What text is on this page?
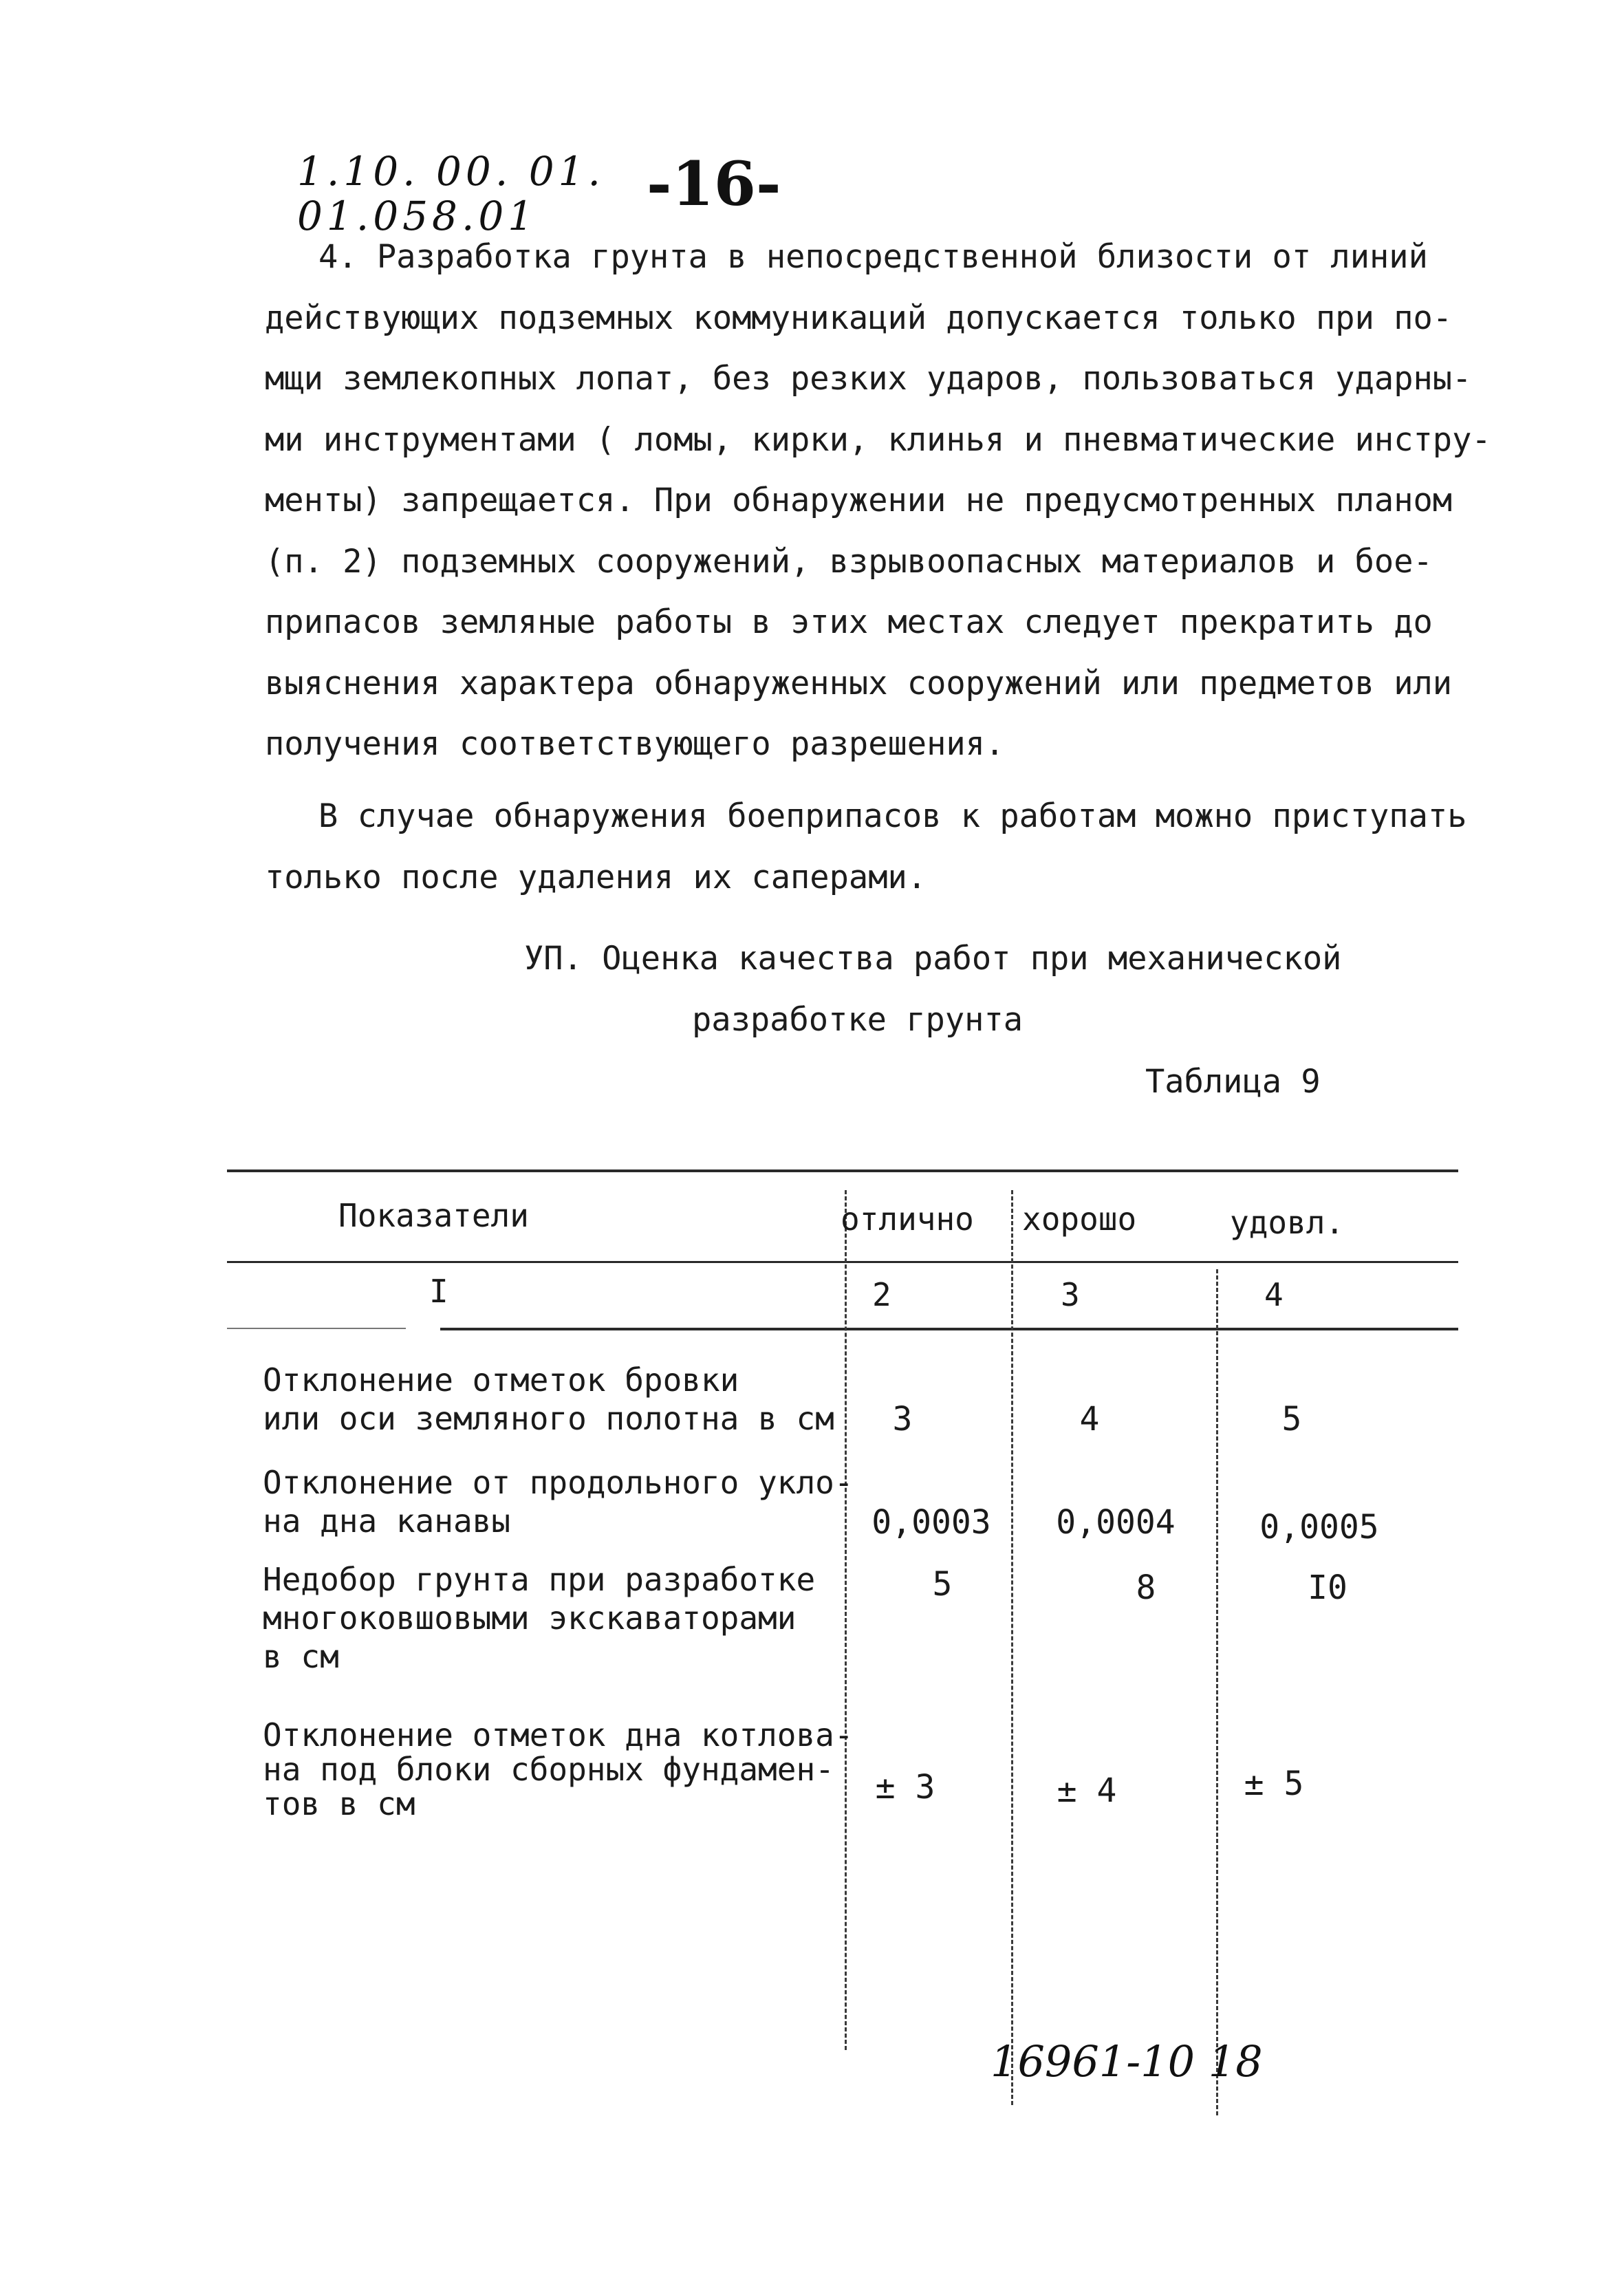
1.10. 00. 01.
01.058.01 -16-
4. Разработка грунта в непосредственной близости от линий
действующих подземных коммуникаций допускается только при по-
мщи землекопных лопат, без резких ударов, пользоваться ударны-
ми инструментами ( ломы, кирки, клинья и пневматические инстру-
менты) запрещается. При обнаружении не предусмотренных планом
(п. 2) подземных сооружений, взрывоопасных материалов и бое-
припасов земляные работы в этих местах следует прекратить до
выяснения характера обнаруженных сооружений или предметов или
получения соответствующего разрешения.
В случае обнаружения боеприпасов к работам можно приступать
только после удаления их саперами.
УП. Оценка качества работ при механической
разработке грунта
Таблица 9
Показатели	отлично хорошо	удовл.
I	2	3	4
Отклонение отметок бровки
или оси земляного полотна в см	3	4	5
Отклонение от продольного укло-
на дна канавы	0,0003	0,0004	0,0005
Недобор грунта при разработке
многоковшовыми экскаваторами
в см
5	8	I0
Отклонение отметок дна котлова-
на под блоки сборных фундамен-
тов в см	± 3	± 4	± 5
16961-10 18
